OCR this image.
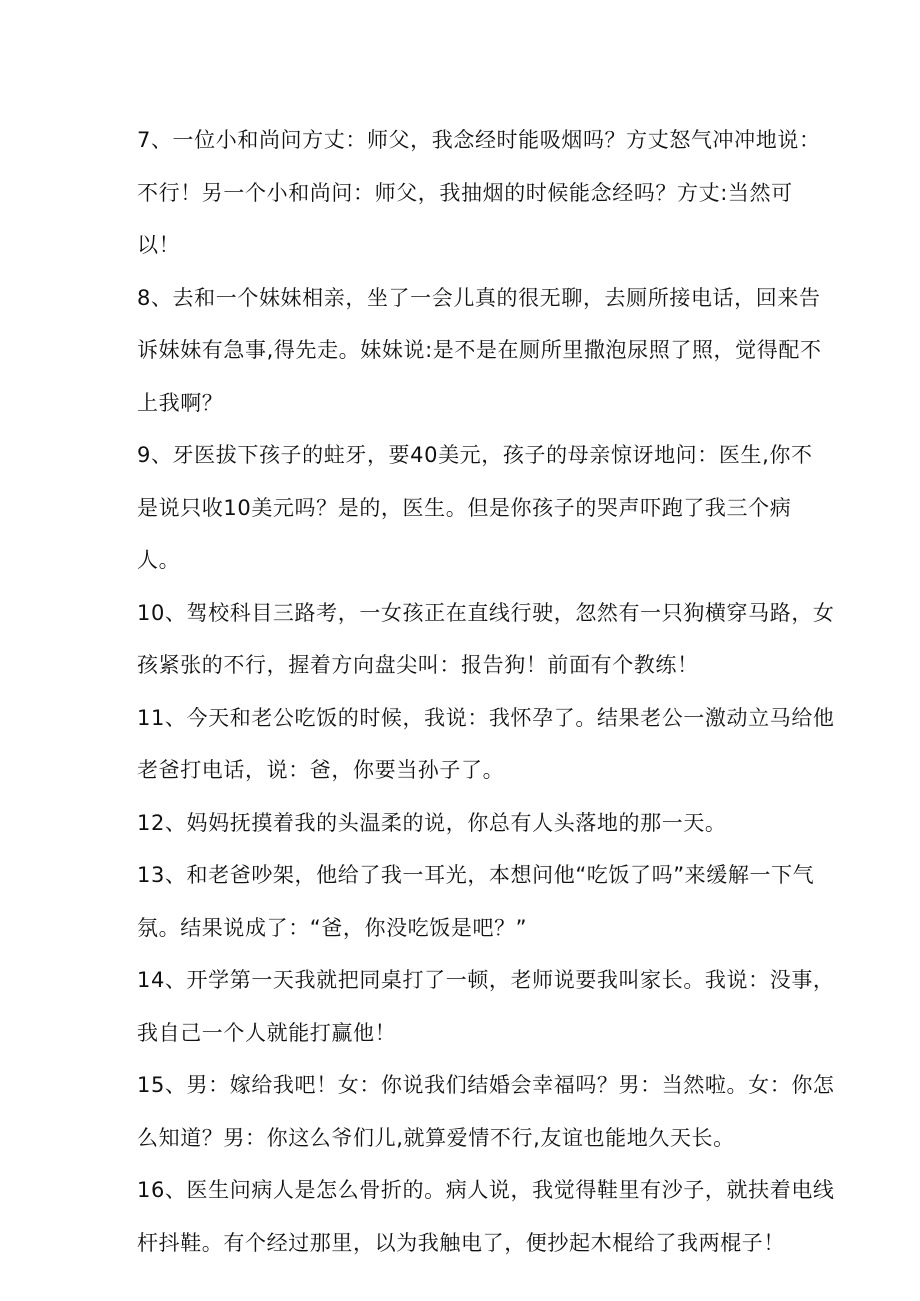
7、一位小和尚问方丈：师父，我念经时能吸烟吗？方丈怒气冲冲地说：
不行！另一个小和尚问：师父，我抽烟的时候能念经吗？方丈:当然可
以！
8、去和一个妹妹相亲，坐了一会儿真的很无聊，去厕所接电话，回来告
诉妹妹有急事,得先走。妹妹说:是不是在厕所里撒泡尿照了照，觉得配不
上我啊？
9、牙医拔下孩子的蛀牙，要40美元，孩子的母亲惊讶地问：医生,你不
是说只收10美元吗？是的，医生。但是你孩子的哭声吓跑了我三个病
人。
10、驾校科目三路考，一女孩正在直线行驶，忽然有一只狗横穿马路，女
孩紧张的不行，握着方向盘尖叫：报告狗！前面有个教练！
11、今天和老公吃饭的时候，我说：我怀孕了。结果老公一激动立马给他
老爸打电话，说：爸，你要当孙子了。
12、妈妈抚摸着我的头温柔的说，你总有人头落地的那一天。
13、和老爸吵架，他给了我一耳光，本想问他“吃饭了吗”来缓解一下气
氛。结果说成了：“爸，你没吃饭是吧？”
14、开学第一天我就把同桌打了一顿，老师说要我叫家长。我说：没事，
我自己一个人就能打赢他！
15、男：嫁给我吧！女：你说我们结婚会幸福吗？男：当然啦。女：你怎
么知道？男：你这么爷们儿,就算爱情不行,友谊也能地久天长。
16、医生问病人是怎么骨折的。病人说，我觉得鞋里有沙子，就扶着电线
杆抖鞋。有个经过那里，以为我触电了，便抄起木棍给了我两棍子！
